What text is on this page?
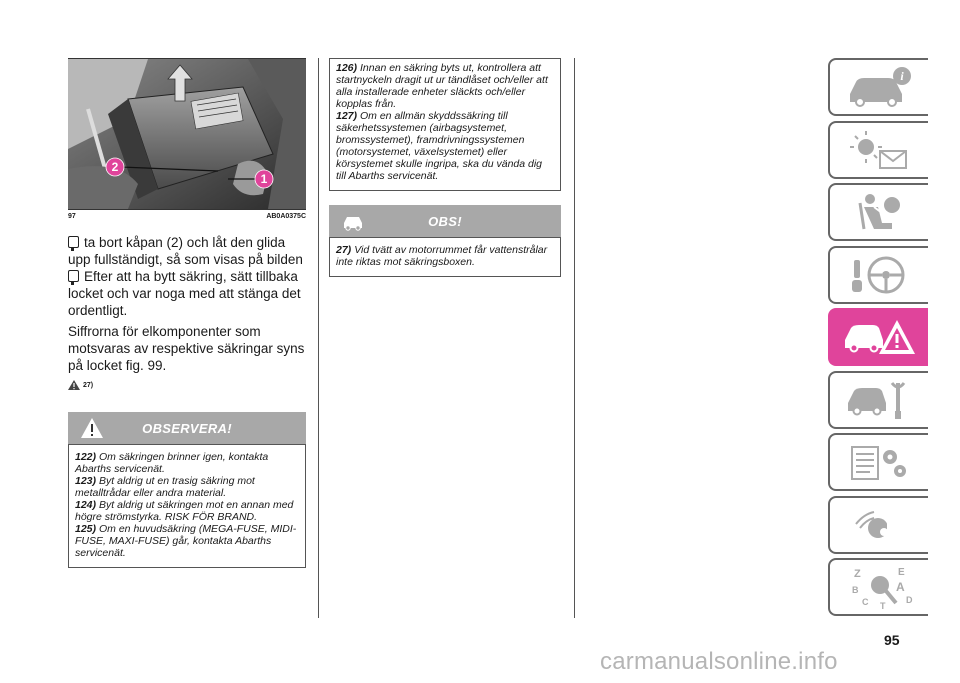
2
1
97	AB0A0375C

ta bort kåpan (2) och låt den glida upp fullständigt, så som visas på bilden

Efter att ha bytt säkring, sätt tillbaka locket och var noga med att stänga det ordentligt.

Siffrorna för elkomponenter som motsvaras av respektive säkringar syns på locket fig. 99.

27)
OBSERVERA!

122) Om säkringen brinner igen, kontakta Abarths servicenät.

123) Byt aldrig ut en trasig säkring mot metalltrådar eller andra material.

124) Byt aldrig ut säkringen mot en annan med högre strömstyrka. RISK FÖR BRAND.

125) Om en huvudsäkring (MEGA-FUSE, MIDI-FUSE, MAXI-FUSE) går, kontakta Abarths servicenät.

126) Innan en säkring byts ut, kontrollera att startnyckeln dragit ut ur tändlåset och/eller att alla installerade enheter släckts och/eller kopplas från.

127) Om en allmän skyddssäkring till säkerhetssystemen (airbagsystemet, bromssystemet), framdrivningssystemen (motorsystemet, växelsystemet) eller körsystemet skulle ingripa, ska du vända dig till Abarths servicenät.

OBS!

27) Vid tvätt av motorrummet får vattenstrålar inte riktas mot säkringsboxen.

i
Z	E
B	A
C	D
T
95
carmanualsonline.info
